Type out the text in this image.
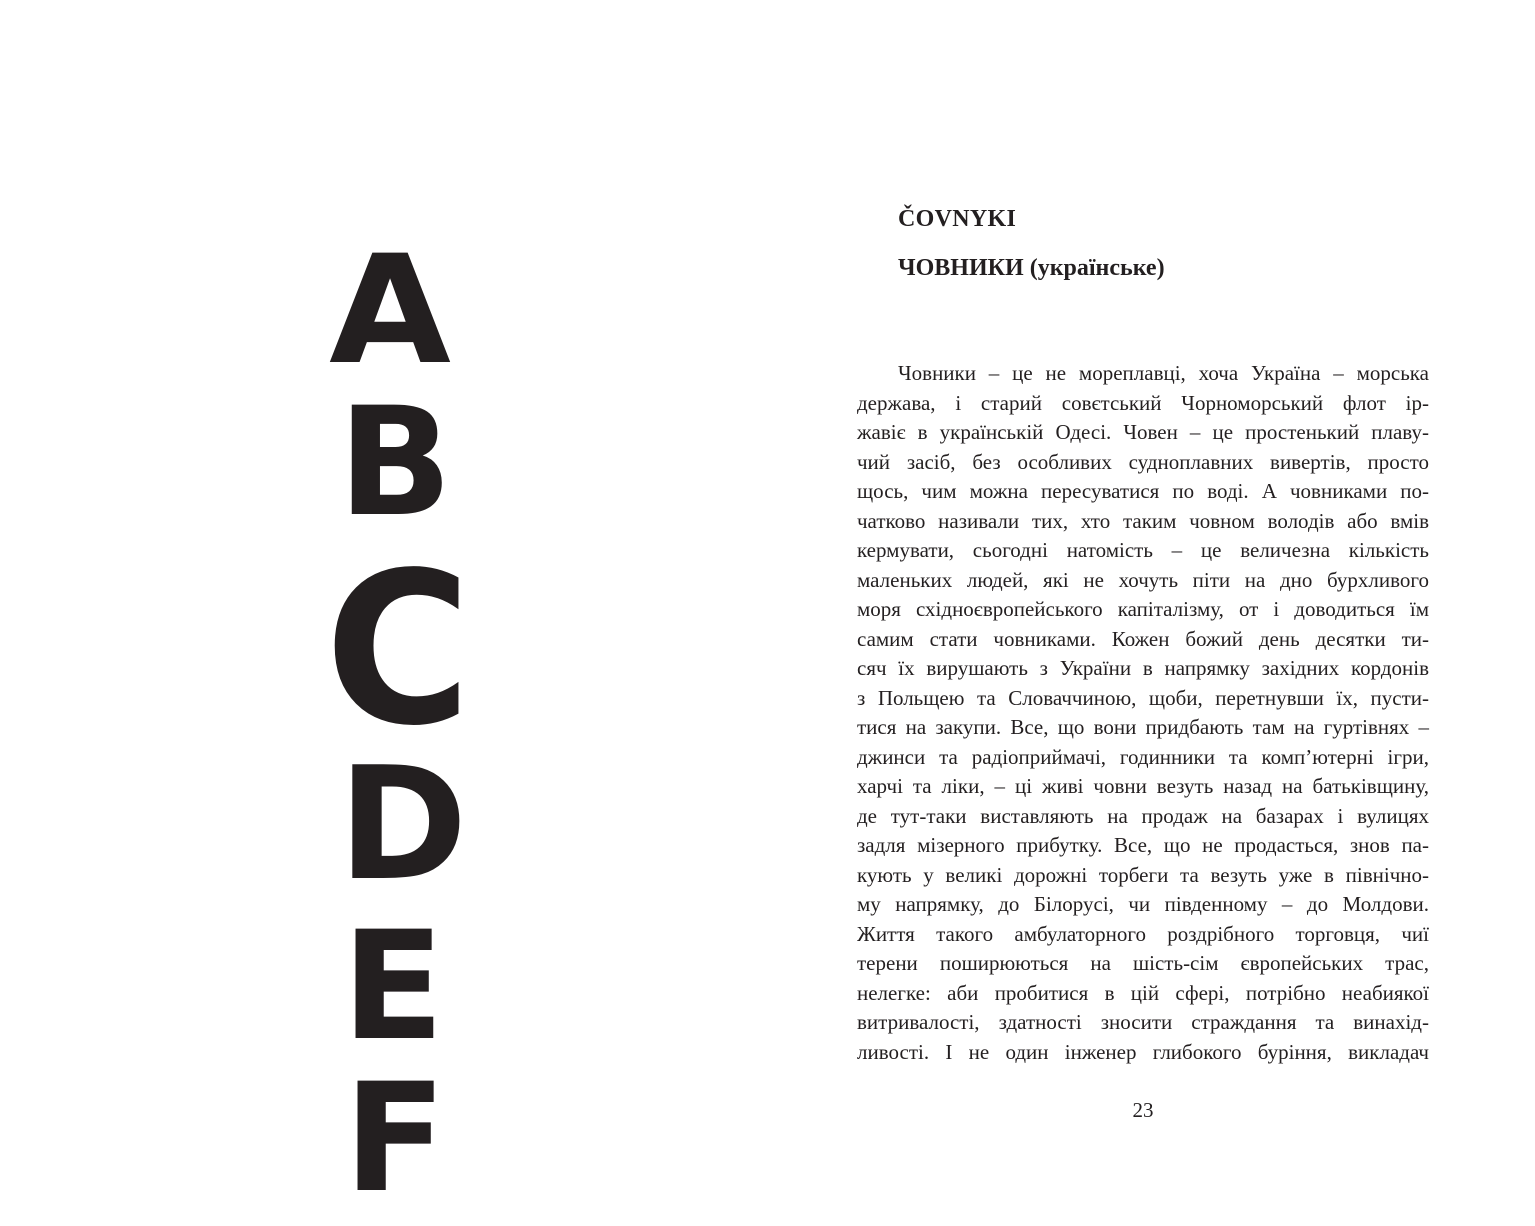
A
B
C
D
E
F
ČOVNYKI
ЧОВНИКИ (українське)
Човники – це не мореплавці, хоча Україна – морська
держава, і старий совєтський Чорноморський флот ір-
жавіє в українській Одесі. Човен – це простенький плаву-
чий засіб, без особливих судноплавних вивертів, просто
щось, чим можна пересуватися по воді. А човниками по-
чатково називали тих, хто таким човном володів або вмів
кермувати, сьогодні натомість – це величезна кількість
маленьких людей, які не хочуть піти на дно бурхливого
моря східноєвропейського капіталізму, от і доводиться їм
самим стати човниками. Кожен божий день десятки ти-
сяч їх вирушають з України в напрямку західних кордонів
з Польщею та Словаччиною, щоби, перетнувши їх, пусти-
тися на закупи. Все, що вони придбають там на гуртівнях –
джинси та радіоприймачі, годинники та комп’ютерні ігри,
харчі та ліки, – ці живі човни везуть назад на батьківщину,
де тут-таки виставляють на продаж на базарах і вулицях
задля мізерного прибутку. Все, що не продасться, знов па-
кують у великі дорожні торбеги та везуть уже в північно-
му напрямку, до Білорусі, чи південному – до Молдови.
Життя такого амбулаторного роздрібного торговця, чиї
терени поширюються на шість-сім європейських трас,
нелегке: аби пробитися в цій сфері, потрібно неабиякої
витривалості, здатності зносити страждання та винахід-
ливості. І не один інженер глибокого буріння, викладач
23
